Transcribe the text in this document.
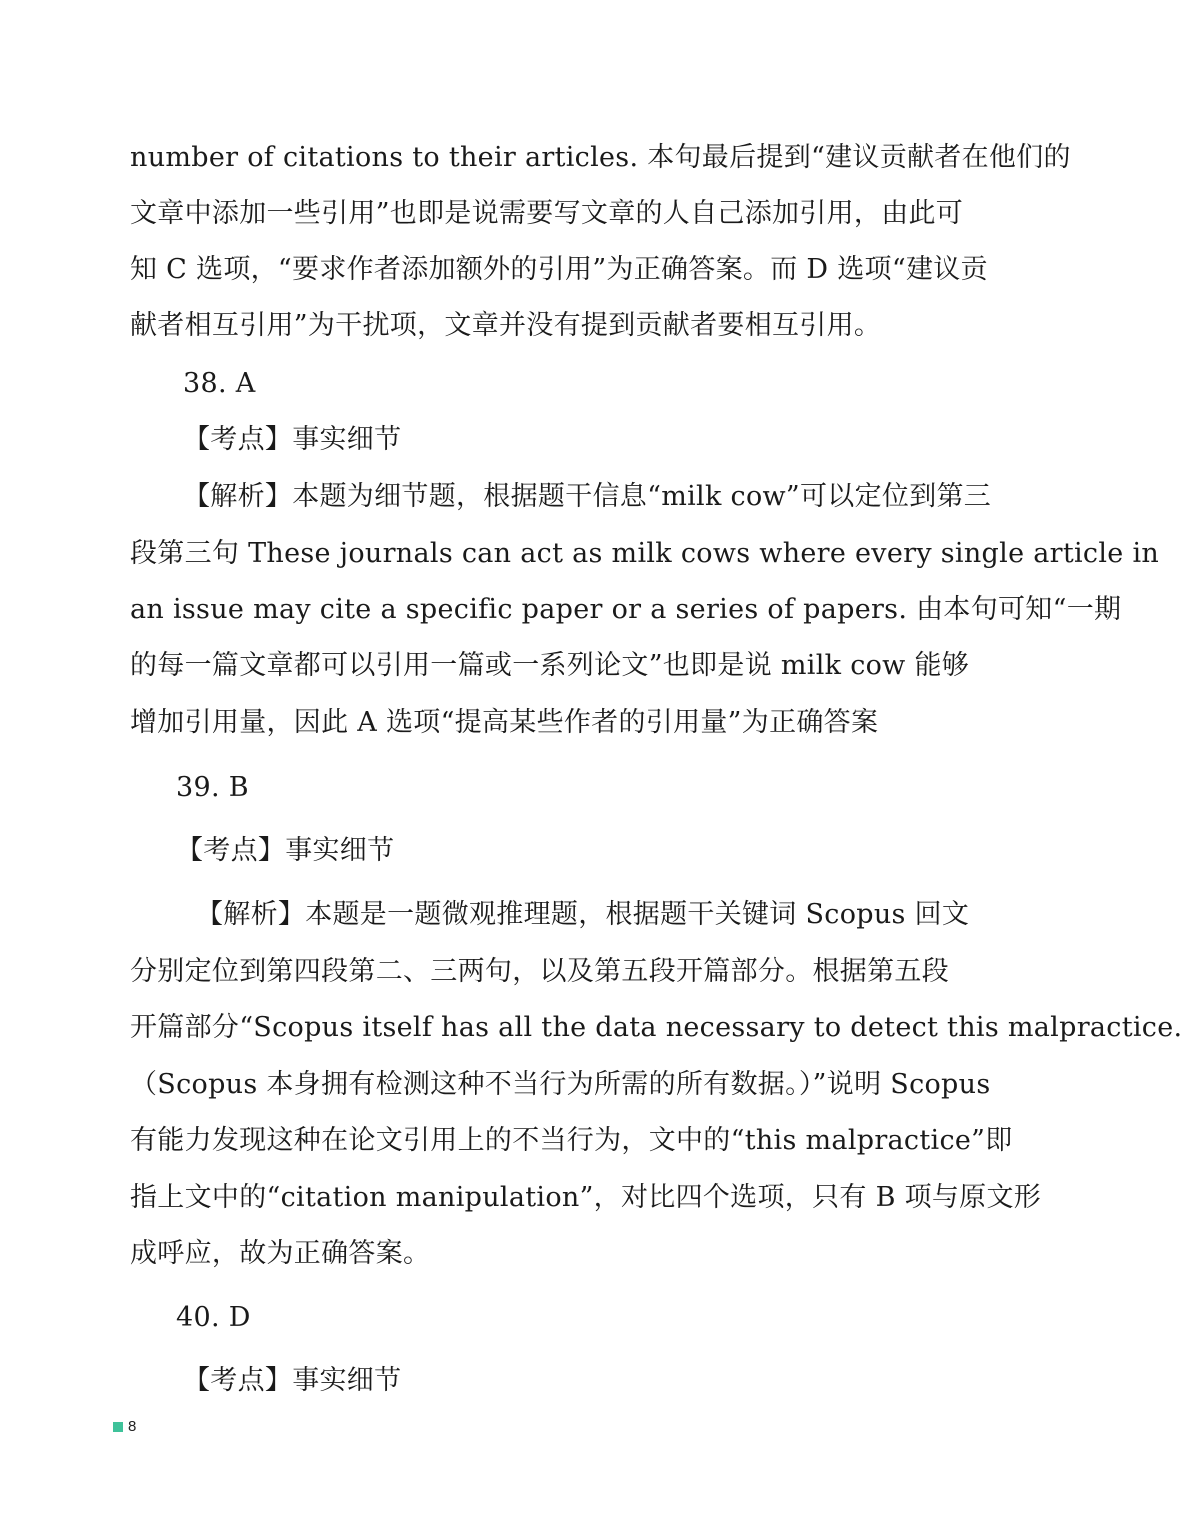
number of citations to their articles. 本句最后提到“建议贡献者在他们的
文章中添加一些引用”也即是说需要写文章的人自己添加引用，由此可
知 C 选项，“要求作者添加额外的引用”为正确答案。而 D 选项“建议贡
献者相互引用”为干扰项，文章并没有提到贡献者要相互引用。
38. A
【考点】事实细节
【解析】本题为细节题，根据题干信息“milk cow”可以定位到第三
段第三句 These journals can act as milk cows where every single article in
an issue may cite a specific paper or a series of papers. 由本句可知“一期
的每一篇文章都可以引用一篇或一系列论文”也即是说 milk cow 能够
增加引用量，因此 A 选项“提高某些作者的引用量”为正确答案
39. B
【考点】事实细节
【解析】本题是一题微观推理题，根据题干关键词 Scopus 回文
分别定位到第四段第二、三两句，以及第五段开篇部分。根据第五段
开篇部分“Scopus itself has all the data necessary to detect this malpractice.
（Scopus 本身拥有检测这种不当行为所需的所有数据。）”说明 Scopus
有能力发现这种在论文引用上的不当行为，文中的“this malpractice”即
指上文中的“citation manipulation”，对比四个选项，只有 B 项与原文形
成呼应，故为正确答案。
40. D
【考点】事实细节
8
